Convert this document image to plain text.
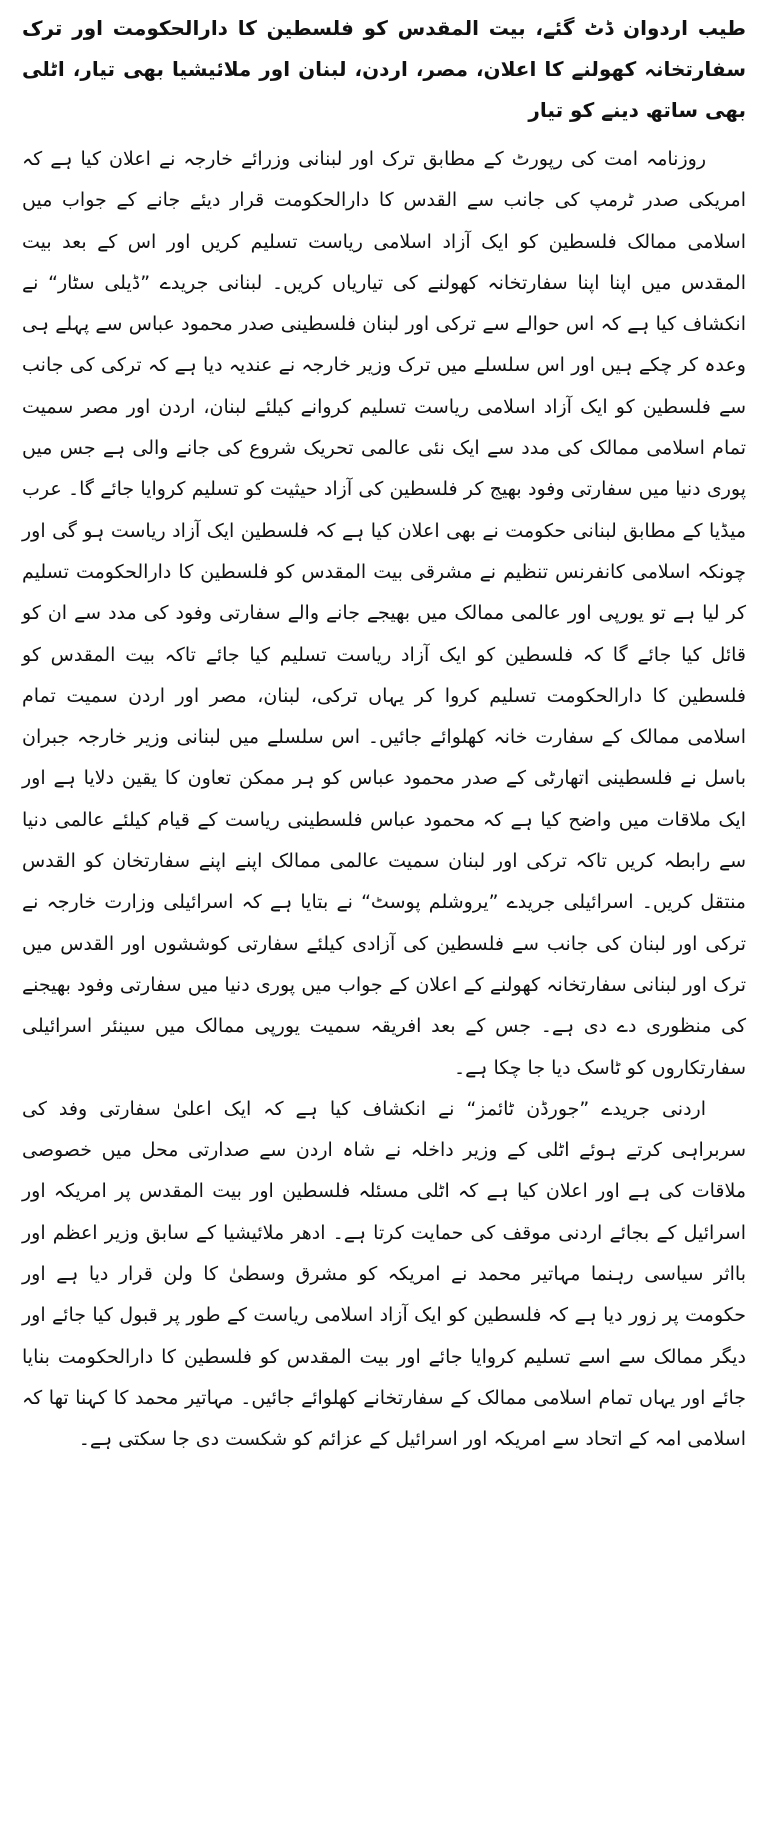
طیب اردوان ڈٹ گئے، بیت المقدس کو فلسطین کا دارالحکومت اور ترک سفارتخانہ کھولنے کا اعلان، مصر، اردن، لبنان اور ملائیشیا بھی تیار، اٹلی بھی ساتھ دینے کو تیار

روزنامہ امت کی رپورٹ کے مطابق ترک اور لبنانی وزرائے خارجہ نے اعلان کیا ہے کہ امریکی صدر ٹرمپ کی جانب سے القدس کا دارالحکومت قرار دیئے جانے کے جواب میں اسلامی ممالک فلسطین کو ایک آزاد اسلامی ریاست تسلیم کریں اور اس کے بعد بیت المقدس میں اپنا اپنا سفارتخانہ کھولنے کی تیاریاں کریں۔ لبنانی جریدے ”ڈیلی سٹار“ نے انکشاف کیا ہے کہ اس حوالے سے ترکی اور لبنان فلسطینی صدر محمود عباس سے پہلے ہی وعدہ کر چکے ہیں اور اس سلسلے میں ترک وزیر خارجہ نے عندیہ دیا ہے کہ ترکی کی جانب سے فلسطین کو ایک آزاد اسلامی ریاست تسلیم کروانے کیلئے لبنان، اردن اور مصر سمیت تمام اسلامی ممالک کی مدد سے ایک نئی عالمی تحریک شروع کی جانے والی ہے جس میں پوری دنیا میں سفارتی وفود بھیج کر فلسطین کی آزاد حیثیت کو تسلیم کروایا جائے گا۔ عرب میڈیا کے مطابق لبنانی حکومت نے بھی اعلان کیا ہے کہ فلسطین ایک آزاد ریاست ہو گی اور چونکہ اسلامی کانفرنس تنظیم نے مشرقی بیت المقدس کو فلسطین کا دارالحکومت تسلیم کر لیا ہے تو یورپی اور عالمی ممالک میں بھیجے جانے والے سفارتی وفود کی مدد سے ان کو قائل کیا جائے گا کہ فلسطین کو ایک آزاد ریاست تسلیم کیا جائے تاکہ بیت المقدس کو فلسطین کا دارالحکومت تسلیم کروا کر یہاں ترکی، لبنان، مصر اور اردن سمیت تمام اسلامی ممالک کے سفارت خانہ کھلوائے جائیں۔ اس سلسلے میں لبنانی وزیر خارجہ جبران باسل نے فلسطینی اتھارٹی کے صدر محمود عباس کو ہر ممکن تعاون کا یقین دلایا ہے اور ایک ملاقات میں واضح کیا ہے کہ محمود عباس فلسطینی ریاست کے قیام کیلئے عالمی دنیا سے رابطہ کریں تاکہ ترکی اور لبنان سمیت عالمی ممالک اپنے اپنے سفارتخان کو القدس منتقل کریں۔ اسرائیلی جریدے ”یروشلم پوسٹ“ نے بتایا ہے کہ اسرائیلی وزارت خارجہ نے ترکی اور لبنان کی جانب سے فلسطین کی آزادی کیلئے سفارتی کوششوں اور القدس میں ترک اور لبنانی سفارتخانہ کھولنے کے اعلان کے جواب میں پوری دنیا میں سفارتی وفود بھیجنے کی منظوری دے دی ہے۔ جس کے بعد افریقہ سمیت یورپی ممالک میں سینئر اسرائیلی سفارتکاروں کو ٹاسک دیا جا چکا ہے۔

اردنی جریدے ”جورڈن ٹائمز“ نے انکشاف کیا ہے کہ ایک اعلیٰ سفارتی وفد کی سربراہی کرتے ہوئے اٹلی کے وزیر داخلہ نے شاہ اردن سے صدارتی محل میں خصوصی ملاقات کی ہے اور اعلان کیا ہے کہ اٹلی مسئلہ فلسطین اور بیت المقدس پر امریکہ اور اسرائیل کے بجائے اردنی موقف کی حمایت کرتا ہے۔ ادھر ملائیشیا کے سابق وزیر اعظم اور بااثر سیاسی رہنما مہاتیر محمد نے امریکہ کو مشرق وسطیٰ کا ولن قرار دیا ہے اور حکومت پر زور دیا ہے کہ فلسطین کو ایک آزاد اسلامی ریاست کے طور پر قبول کیا جائے اور دیگر ممالک سے اسے تسلیم کروایا جائے اور بیت المقدس کو فلسطین کا دارالحکومت بنایا جائے اور یہاں تمام اسلامی ممالک کے سفارتخانے کھلوائے جائیں۔ مہاتیر محمد کا کہنا تھا کہ اسلامی امہ کے اتحاد سے امریکہ اور اسرائیل کے عزائم کو شکست دی جا سکتی ہے۔
